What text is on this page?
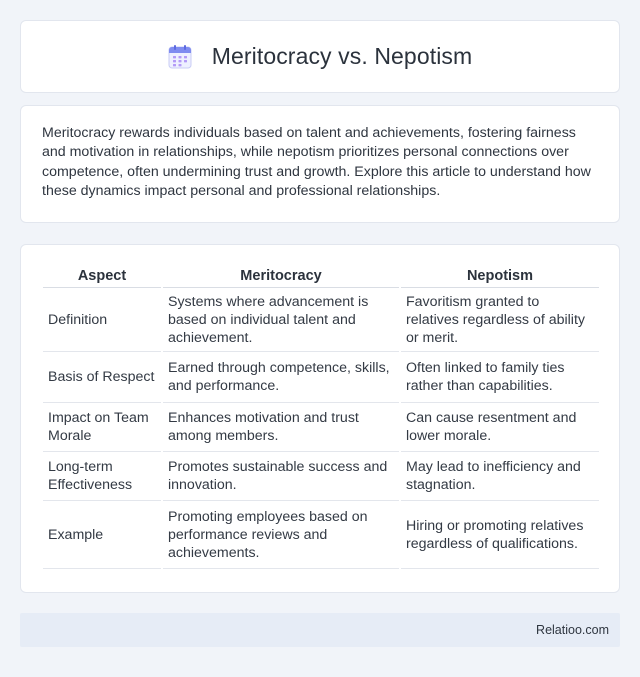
Meritocracy vs. Nepotism

Meritocracy rewards individuals based on talent and achievements, fostering fairness and motivation in relationships, while nepotism prioritizes personal connections over competence, often undermining trust and growth. Explore this article to understand how these dynamics impact personal and professional relationships.

Aspect	Meritocracy	Nepotism
Definition	Systems where advancement is based on individual talent and achievement.	Favoritism granted to relatives regardless of ability or merit.
Basis of Respect	Earned through competence, skills, and performance.	Often linked to family ties rather than capabilities.
Impact on Team Morale	Enhances motivation and trust among members.	Can cause resentment and lower morale.
Long-term Effectiveness	Promotes sustainable success and innovation.	May lead to inefficiency and stagnation.
Example	Promoting employees based on performance reviews and achievements.	Hiring or promoting relatives regardless of qualifications.
Relatioo.com
